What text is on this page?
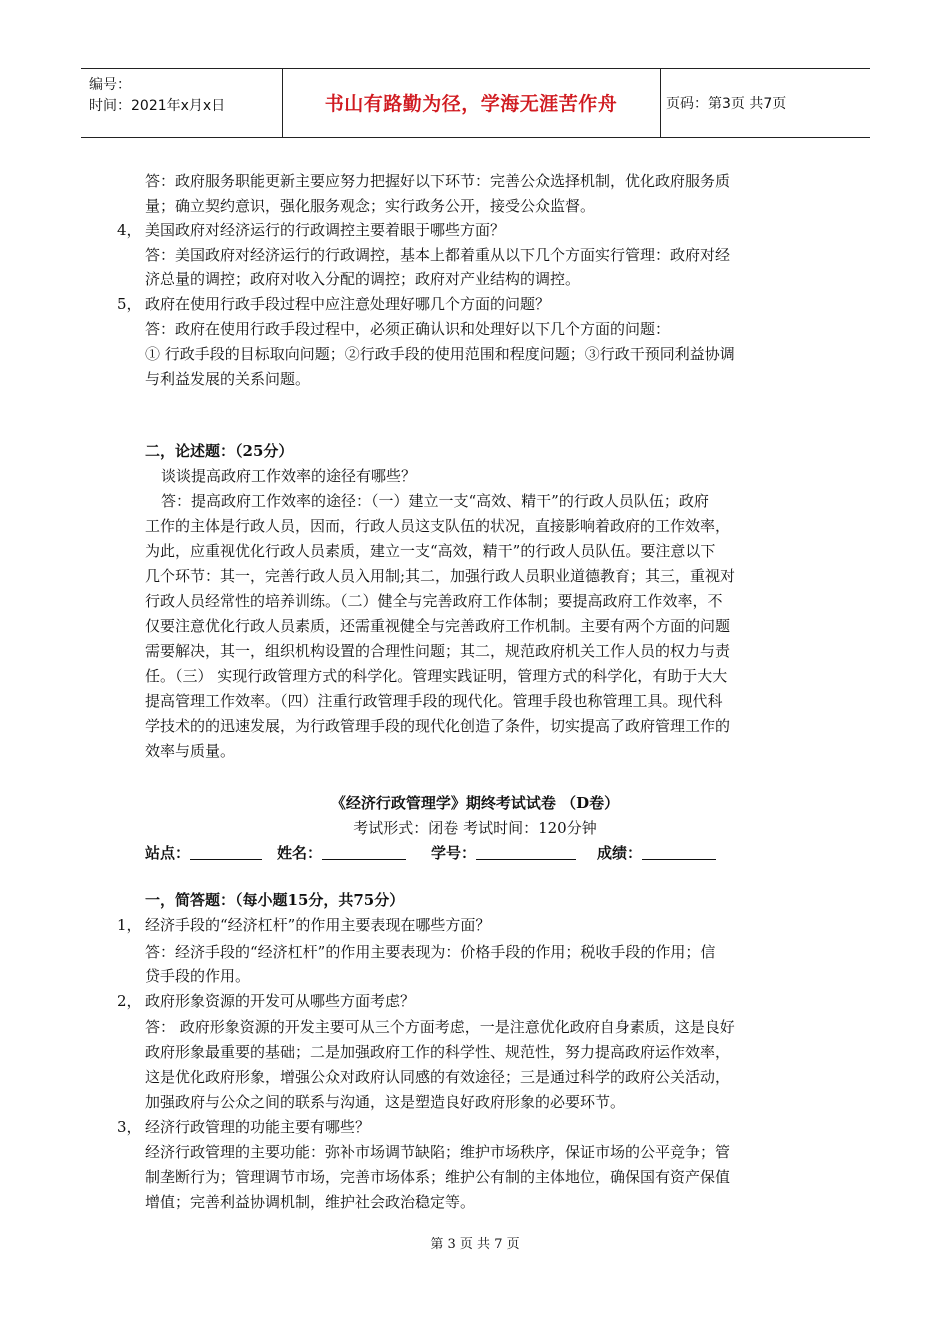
编号：
时间：2021年x月x日	书山有路勤为径，学海无涯苦作舟	页码：第3页 共7页
答：政府服务职能更新主要应努力把握好以下环节：完善公众选择机制，优化政府服务质
量；确立契约意识，强化服务观念；实行政务公开，接受公众监督。
4， 美国政府对经济运行的行政调控主要着眼于哪些方面？
答：美国政府对经济运行的行政调控，基本上都着重从以下几个方面实行管理：政府对经
济总量的调控；政府对收入分配的调控；政府对产业结构的调控。
5， 政府在使用行政手段过程中应注意处理好哪几个方面的问题？
答：政府在使用行政手段过程中，必须正确认识和处理好以下几个方面的问题：
① 行政手段的目标取向问题；②行政手段的使用范围和程度问题；③行政干预同利益协调
与利益发展的关系问题。
二，论述题：（25分）
谈谈提高政府工作效率的途径有哪些？
答：提高政府工作效率的途径：（一）建立一支“高效、精干”的行政人员队伍；政府
工作的主体是行政人员，因而，行政人员这支队伍的状况，直接影响着政府的工作效率，
为此，应重视优化行政人员素质，建立一支“高效，精干”的行政人员队伍。要注意以下
几个环节：其一，完善行政人员入用制;其二，加强行政人员职业道德教育；其三，重视对
行政人员经常性的培养训练。（二）健全与完善政府工作体制；要提高政府工作效率，不
仅要注意优化行政人员素质，还需重视健全与完善政府工作机制。主要有两个方面的问题
需要解决，其一，组织机构设置的合理性问题；其二，规范政府机关工作人员的权力与责
任。（三） 实现行政管理方式的科学化。管理实践证明，管理方式的科学化，有助于大大
提高管理工作效率。（四）注重行政管理手段的现代化。管理手段也称管理工具。现代科
学技术的的迅速发展，为行政管理手段的现代化创造了条件，切实提高了政府管理工作的
效率与质量。
《经济行政管理学》期终考试试卷 （D卷）
考试形式：闭卷 考试时间：120分钟
站点：	姓名：	学号：	成绩：
一，简答题：（每小题15分，共75分）
1， 经济手段的“经济杠杆”的作用主要表现在哪些方面？
答：经济手段的“经济杠杆”的作用主要表现为：价格手段的作用；税收手段的作用；信
贷手段的作用。
2， 政府形象资源的开发可从哪些方面考虑？
答： 政府形象资源的开发主要可从三个方面考虑，一是注意优化政府自身素质，这是良好
政府形象最重要的基础；二是加强政府工作的科学性、规范性，努力提高政府运作效率，
这是优化政府形象，增强公众对政府认同感的有效途径；三是通过科学的政府公关活动，
加强政府与公众之间的联系与沟通，这是塑造良好政府形象的必要环节。
3， 经济行政管理的功能主要有哪些？
经济行政管理的主要功能：弥补市场调节缺陷；维护市场秩序，保证市场的公平竞争；管
制垄断行为；管理调节市场，完善市场体系；维护公有制的主体地位，确保国有资产保值
增值；完善利益协调机制，维护社会政治稳定等。
第 3 页 共 7 页
